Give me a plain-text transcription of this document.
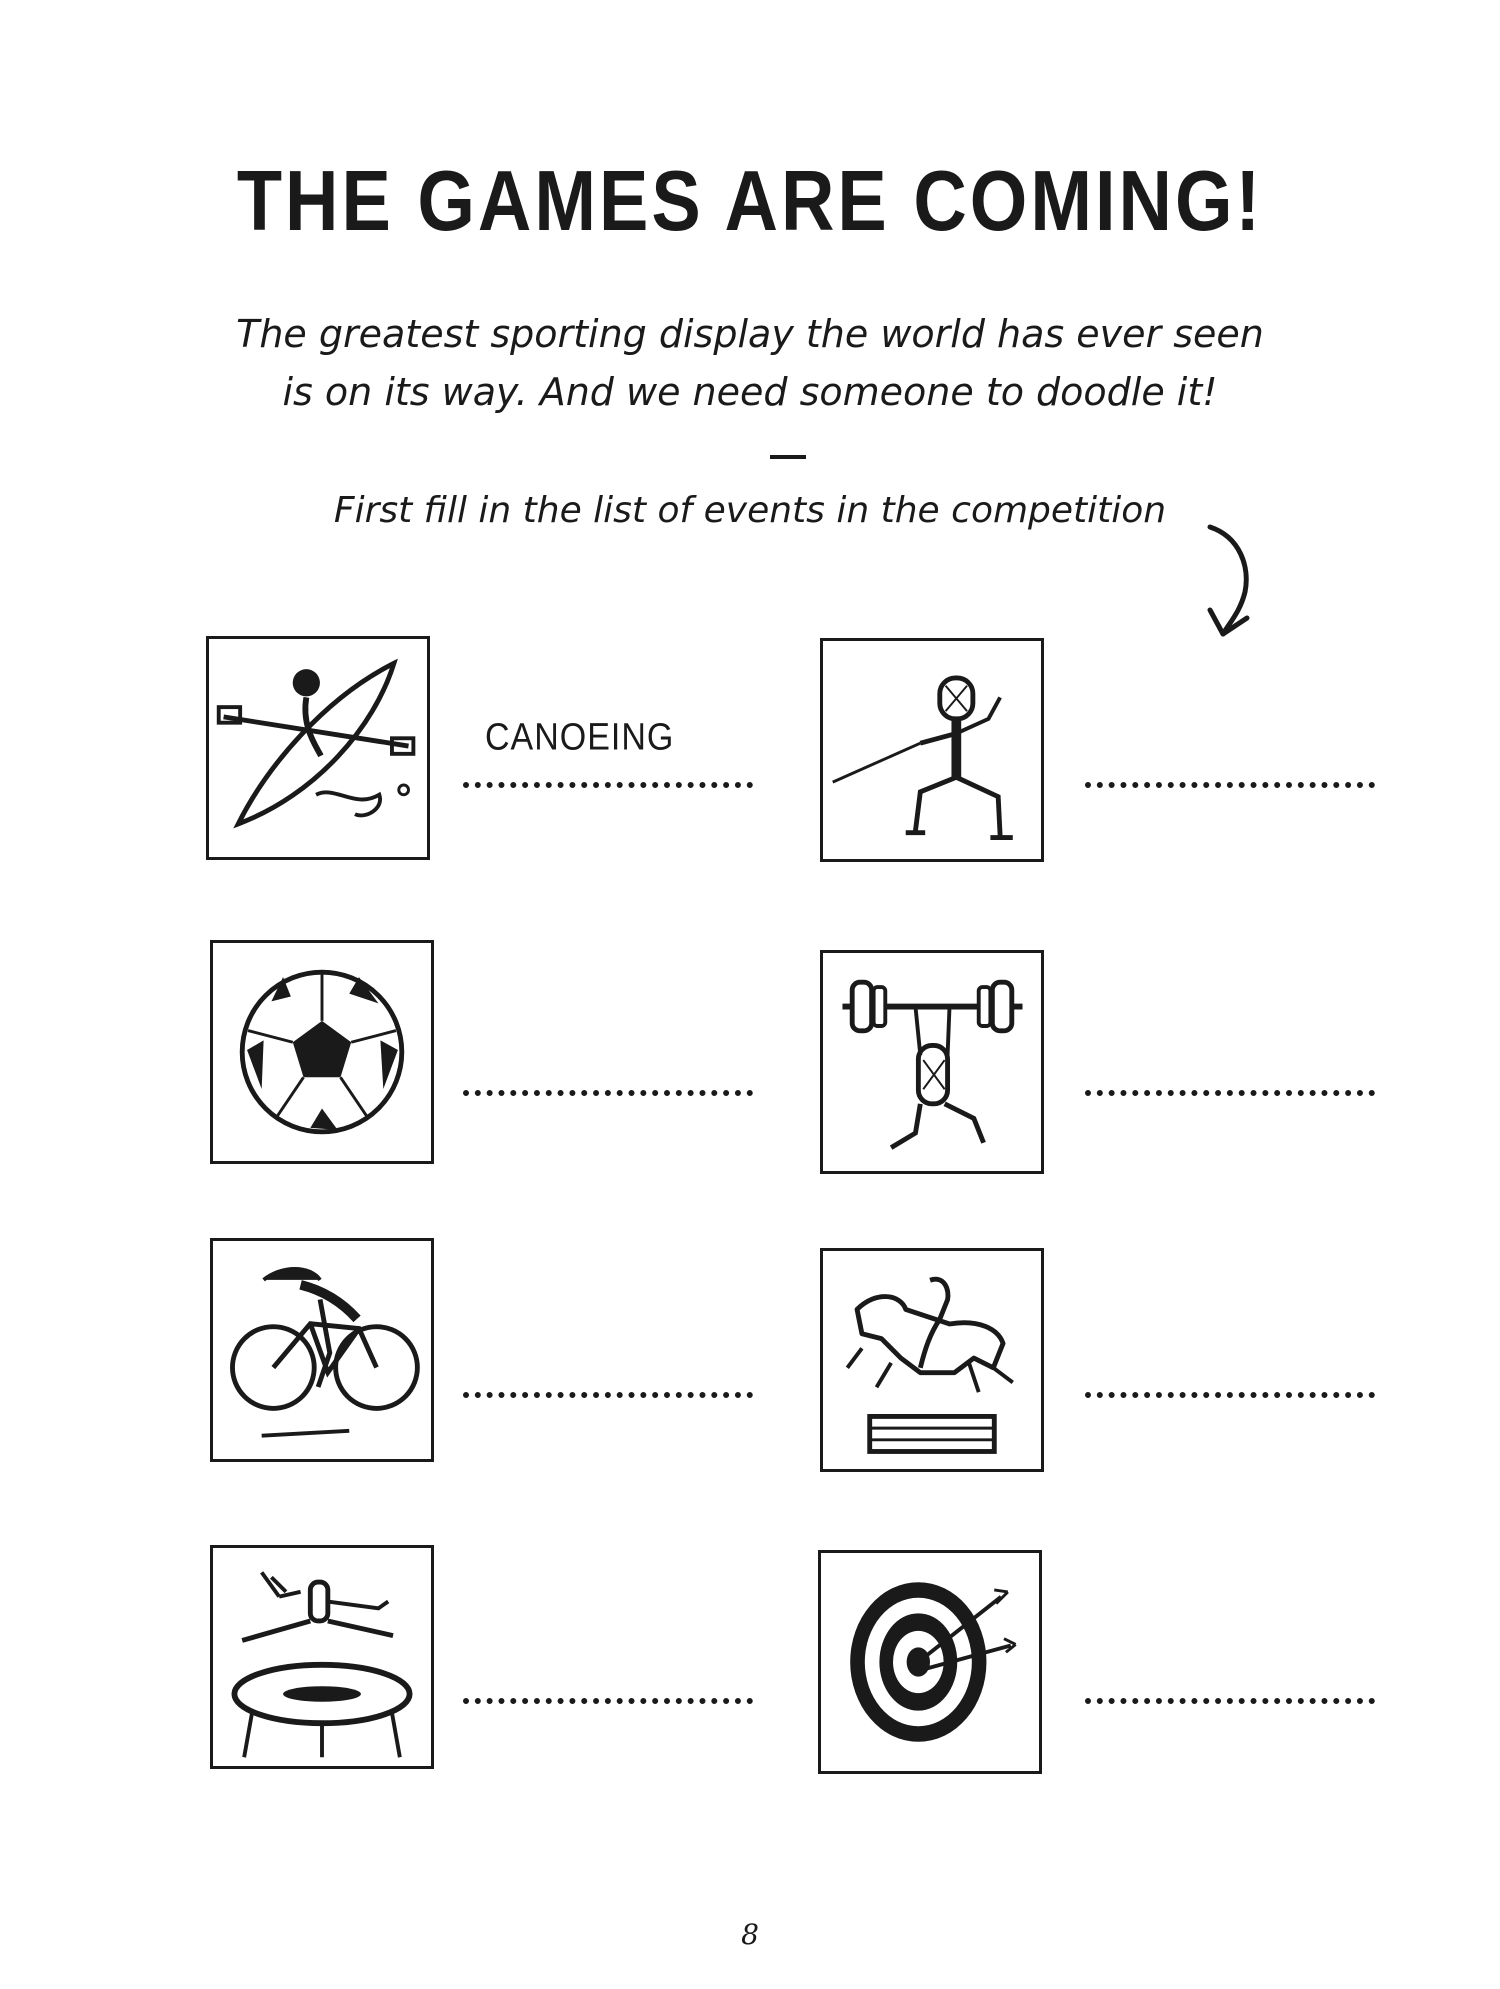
THE GAMES ARE COMING!
The greatest sporting display the world has ever seen
is on its way. And we need someone to doodle it!
First fill in the list of events in the competition
CANOEING
8
